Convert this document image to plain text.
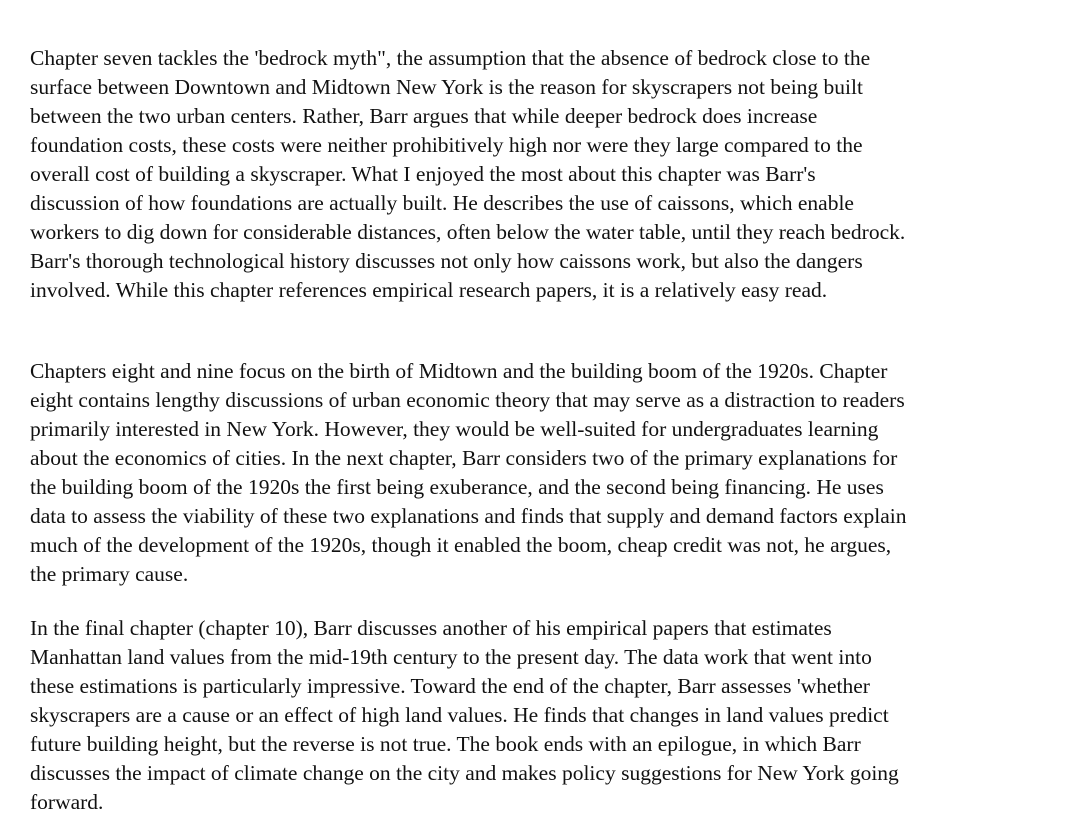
Chapter seven tackles the 'bedrock myth", the assumption that the absence of bedrock close to the
surface between Downtown and Midtown New York is the reason for skyscrapers not being built
between the two urban centers. Rather, Barr argues that while deeper bedrock does increase
foundation costs, these costs were neither prohibitively high nor were they large compared to the
overall cost of building a skyscraper. What I enjoyed the most about this chapter was Barr's
discussion of how foundations are actually built. He describes the use of caissons, which enable
workers to dig down for considerable distances, often below the water table, until they reach bedrock.
Barr's thorough technological history discusses not only how caissons work, but also the dangers
involved. While this chapter references empirical research papers, it is a relatively easy read.

Chapters eight and nine focus on the birth of Midtown and the building boom of the 1920s. Chapter
eight contains lengthy discussions of urban economic theory that may serve as a distraction to readers
primarily interested in New York. However, they would be well-suited for undergraduates learning
about the economics of cities. In the next chapter, Barr considers two of the primary explanations for
the building boom of the 1920s the first being exuberance, and the second being financing. He uses
data to assess the viability of these two explanations and finds that supply and demand factors explain
much of the development of the 1920s, though it enabled the boom, cheap credit was not, he argues,
the primary cause.

In the final chapter (chapter 10), Barr discusses another of his empirical papers that estimates
Manhattan land values from the mid-19th century to the present day. The data work that went into
these estimations is particularly impressive. Toward the end of the chapter, Barr assesses 'whether
skyscrapers are a cause or an effect of high land values. He finds that changes in land values predict
future building height, but the reverse is not true. The book ends with an epilogue, in which Barr
discusses the impact of climate change on the city and makes policy suggestions for New York going
forward.
